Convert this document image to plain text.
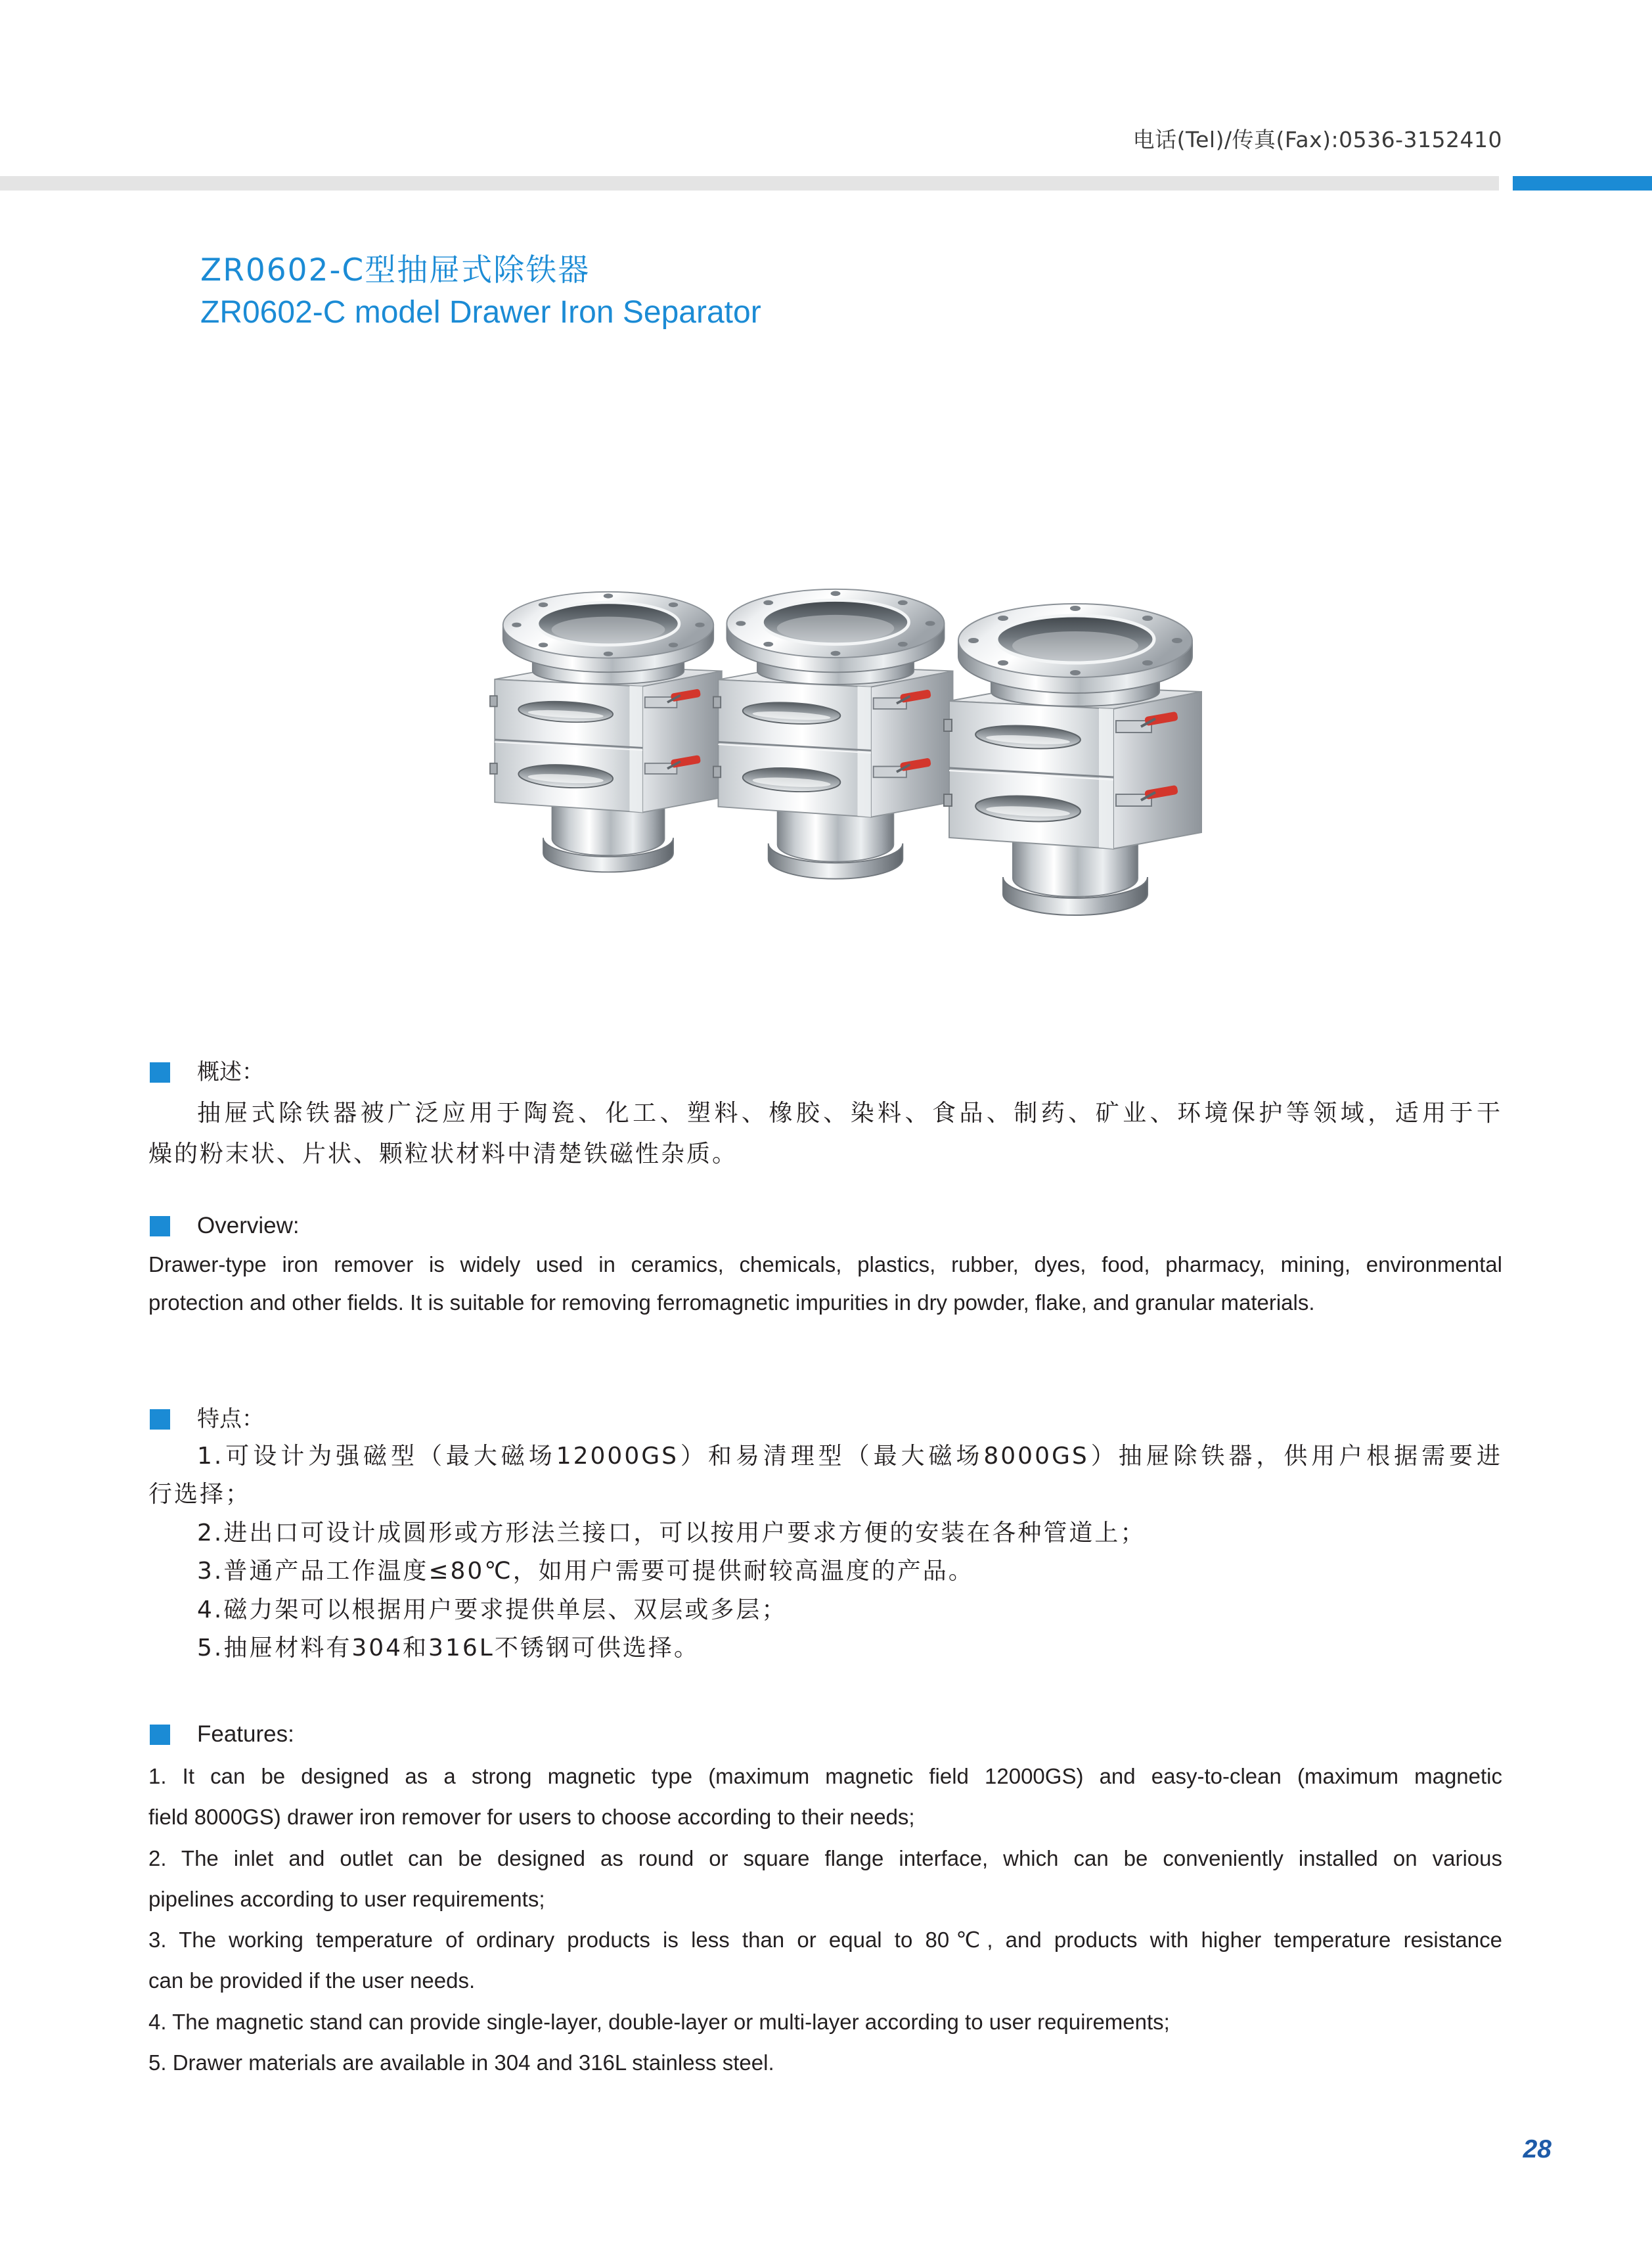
电话(Tel)/传真(Fax):0536-3152410
ZR0602-C型抽屉式除铁器
ZR0602-C model Drawer Iron Separator
概述：
抽屉式除铁器被广泛应用于陶瓷、化工、塑料、橡胶、染料、食品、制药、矿业、环境保护等领域，适用于干
燥的粉末状、片状、颗粒状材料中清楚铁磁性杂质。
Overview:
Drawer-type iron remover is widely used in ceramics, chemicals, plastics, rubber, dyes, food, pharmacy, mining, environmental
protection and other fields. It is suitable for removing ferromagnetic impurities in dry powder, flake, and granular materials.
特点：
1.可设计为强磁型（最大磁场12000GS）和易清理型（最大磁场8000GS）抽屉除铁器，供用户根据需要进
行选择；
2.进出口可设计成圆形或方形法兰接口，可以按用户要求方便的安装在各种管道上；
3.普通产品工作温度≤80℃，如用户需要可提供耐较高温度的产品。
4.磁力架可以根据用户要求提供单层、双层或多层；
5.抽屉材料有304和316L不锈钢可供选择。
Features:
1. It can be designed as a strong magnetic type (maximum magnetic field 12000GS) and easy-to-clean (maximum magnetic
field 8000GS) drawer iron remover for users to choose according to their needs;
2. The inlet and outlet can be designed as round or square flange interface, which can be conveniently installed on various
pipelines according to user requirements;
3. The working temperature of ordinary products is less than or equal to 80℃, and products with higher temperature resistance
can be provided if the user needs.
4. The magnetic stand can provide single-layer, double-layer or multi-layer according to user requirements;
5. Drawer materials are available in 304 and 316L stainless steel.
28
